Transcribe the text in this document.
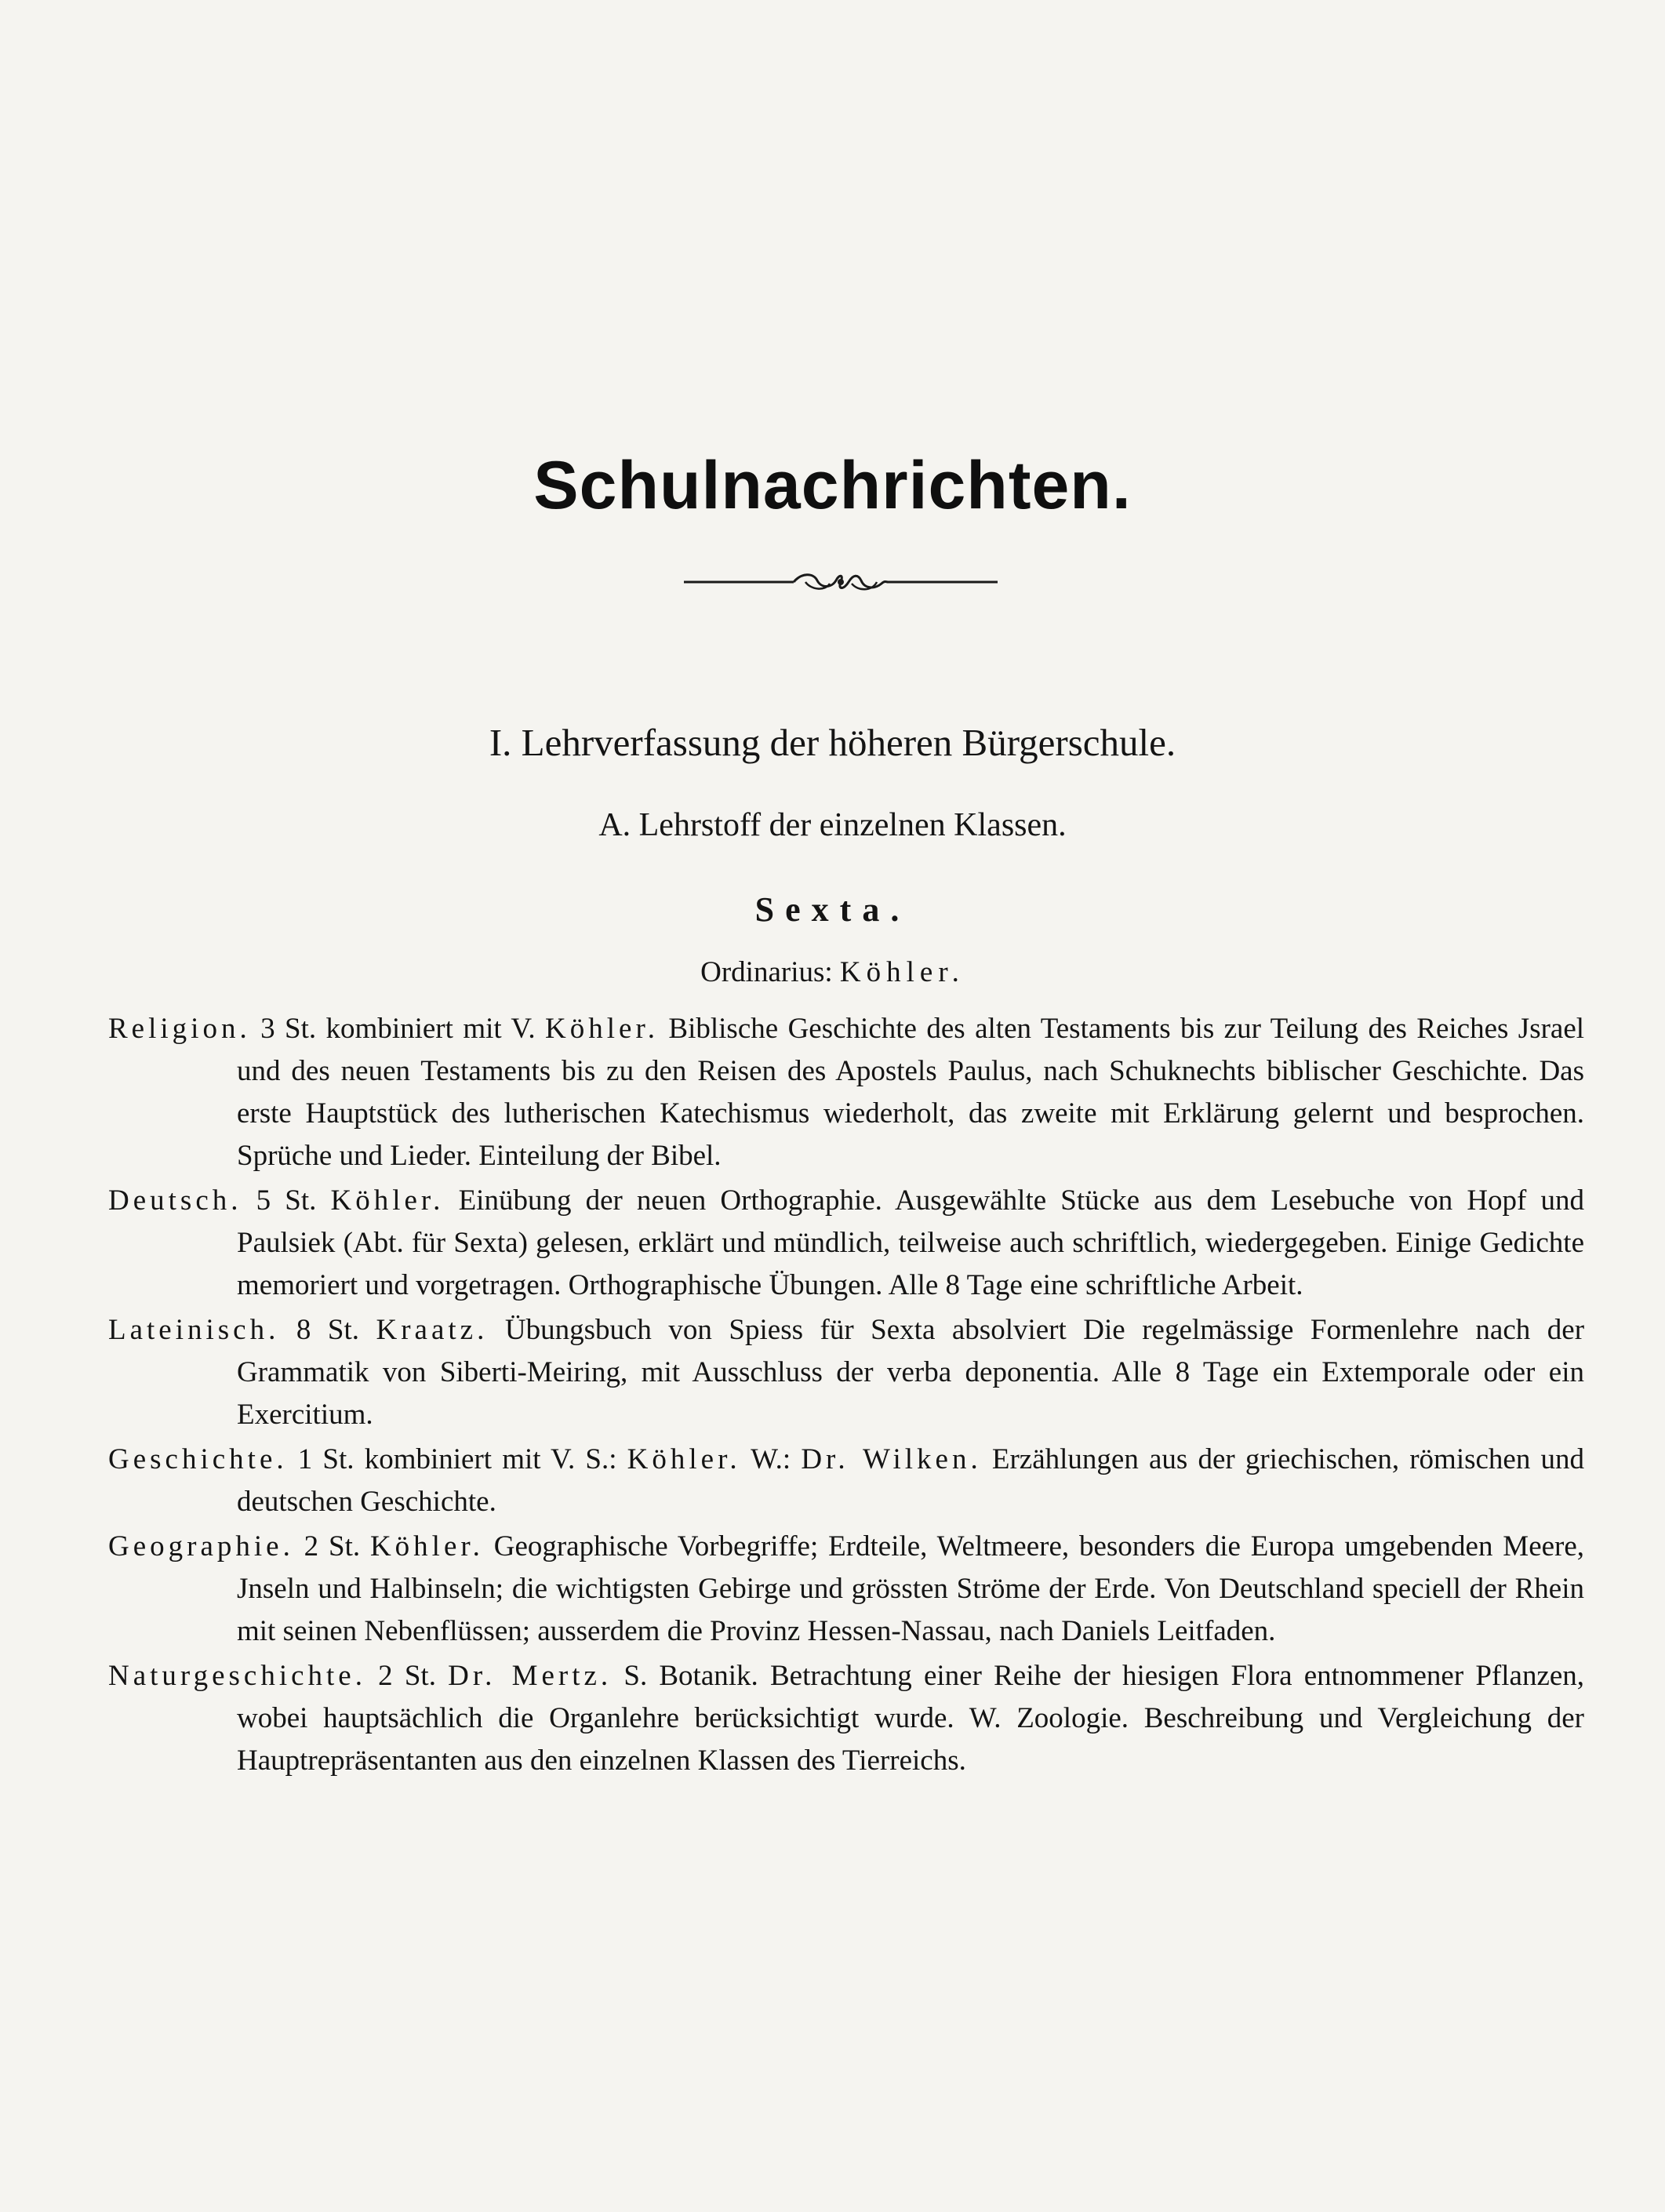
Schulnachrichten.
I. Lehrverfassung der höheren Bürgerschule.
A. Lehrstoff der einzelnen Klassen.
Sexta.
Ordinarius: Köhler.

Religion. 3 St. kombiniert mit V. Köhler. Biblische Geschichte des alten Testaments bis zur Teilung des Reiches Jsrael und des neuen Testaments bis zu den Reisen des Apostels Paulus, nach Schuknechts biblischer Geschichte. Das erste Hauptstück des lutherischen Katechismus wiederholt, das zweite mit Erklärung gelernt und besprochen. Sprüche und Lieder. Einteilung der Bibel.

Deutsch. 5 St. Köhler. Einübung der neuen Orthographie. Ausgewählte Stücke aus dem Lesebuche von Hopf und Paulsiek (Abt. für Sexta) gelesen, erklärt und mündlich, teilweise auch schriftlich, wiedergegeben. Einige Gedichte memoriert und vorgetragen. Orthographische Übungen. Alle 8 Tage eine schriftliche Arbeit.

Lateinisch. 8 St. Kraatz. Übungsbuch von Spiess für Sexta absolviert Die regelmässige Formenlehre nach der Grammatik von Siberti-Meiring, mit Ausschluss der verba deponentia. Alle 8 Tage ein Extemporale oder ein Exercitium.

Geschichte. 1 St. kombiniert mit V. S.: Köhler. W.: Dr. Wilken. Erzählungen aus der griechischen, römischen und deutschen Geschichte.

Geographie. 2 St. Köhler. Geographische Vorbegriffe; Erdteile, Weltmeere, besonders die Europa umgebenden Meere, Jnseln und Halbinseln; die wichtigsten Gebirge und grössten Ströme der Erde. Von Deutschland speciell der Rhein mit seinen Nebenflüssen; ausserdem die Provinz Hessen-Nassau, nach Daniels Leitfaden.

Naturgeschichte. 2 St. Dr. Mertz. S. Botanik. Betrachtung einer Reihe der hiesigen Flora entnommener Pflanzen, wobei hauptsächlich die Organlehre berücksichtigt wurde. W. Zoologie. Beschreibung und Vergleichung der Hauptrepräsentanten aus den einzelnen Klassen des Tierreichs.
